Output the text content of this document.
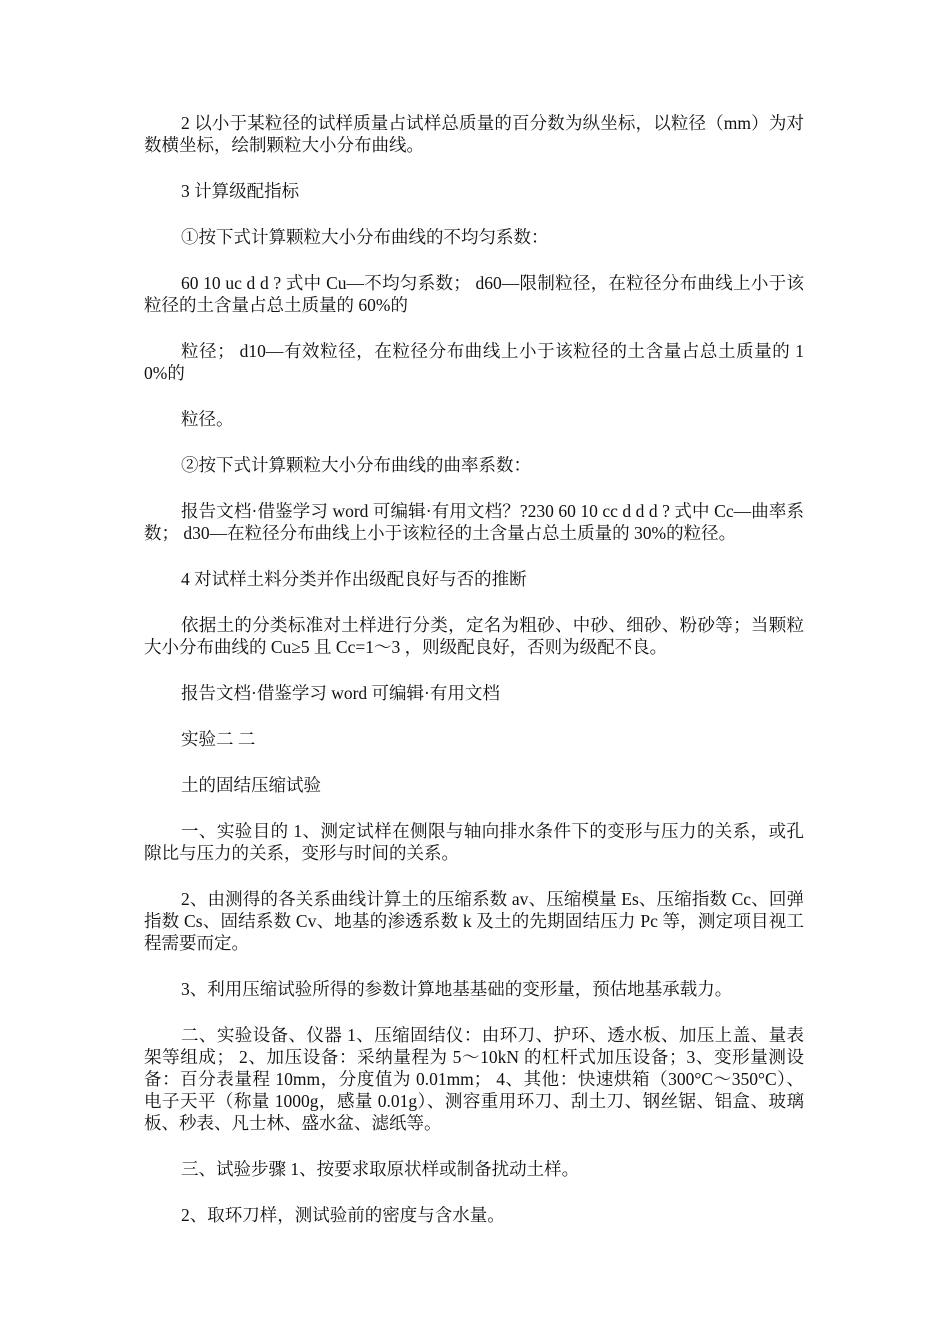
2 以小于某粒径的试样质量占试样总质量的百分数为纵坐标，以粒径（mm）为对数横坐标，绘制颗粒大小分布曲线。

3 计算级配指标

①按下式计算颗粒大小分布曲线的不均匀系数：

60 10 uc d d ? 式中 Cu—不均匀系数； d60—限制粒径，在粒径分布曲线上小于该粒径的土含量占总土质量的 60%的

粒径； d10—有效粒径，在粒径分布曲线上小于该粒径的土含量占总土质量的 10%的

粒径。

②按下式计算颗粒大小分布曲线的曲率系数：

报告文档·借鉴学习 word 可编辑·有用文档？?230 60 10 cc d d d ? 式中 Cc—曲率系数； d30—在粒径分布曲线上小于该粒径的土含量占总土质量的 30%的粒径。

4 对试样土料分类并作出级配良好与否的推断

依据土的分类标准对土样进行分类，定名为粗砂、中砂、细砂、粉砂等；当颗粒大小分布曲线的 Cu≥5 且 Cc=1～3 ，则级配良好，否则为级配不良。

报告文档·借鉴学习 word 可编辑·有用文档

实验二 二

土的固结压缩试验

一、实验目的 1、测定试样在侧限与轴向排水条件下的变形与压力的关系，或孔隙比与压力的关系，变形与时间的关系。

2、由测得的各关系曲线计算土的压缩系数 av、压缩模量 Es、压缩指数 Cc、回弹指数 Cs、固结系数 Cv、地基的渗透系数 k 及土的先期固结压力 Pc 等，测定项目视工程需要而定。

3、利用压缩试验所得的参数计算地基基础的变形量，预估地基承载力。

二、实验设备、仪器 1、压缩固结仪：由环刀、护环、透水板、加压上盖、量表架等组成； 2、加压设备：采纳量程为 5～10kN 的杠杆式加压设备；3、变形量测设备：百分表量程 10mm，分度值为 0.01mm； 4、其他：快速烘箱（300°C～350°C）、电子天平（称量 1000g，感量 0.01g）、测容重用环刀、刮土刀、钢丝锯、铝盒、玻璃板、秒表、凡士林、盛水盆、滤纸等。

三、试验步骤 1、按要求取原状样或制备扰动土样。

2、取环刀样，测试验前的密度与含水量。
